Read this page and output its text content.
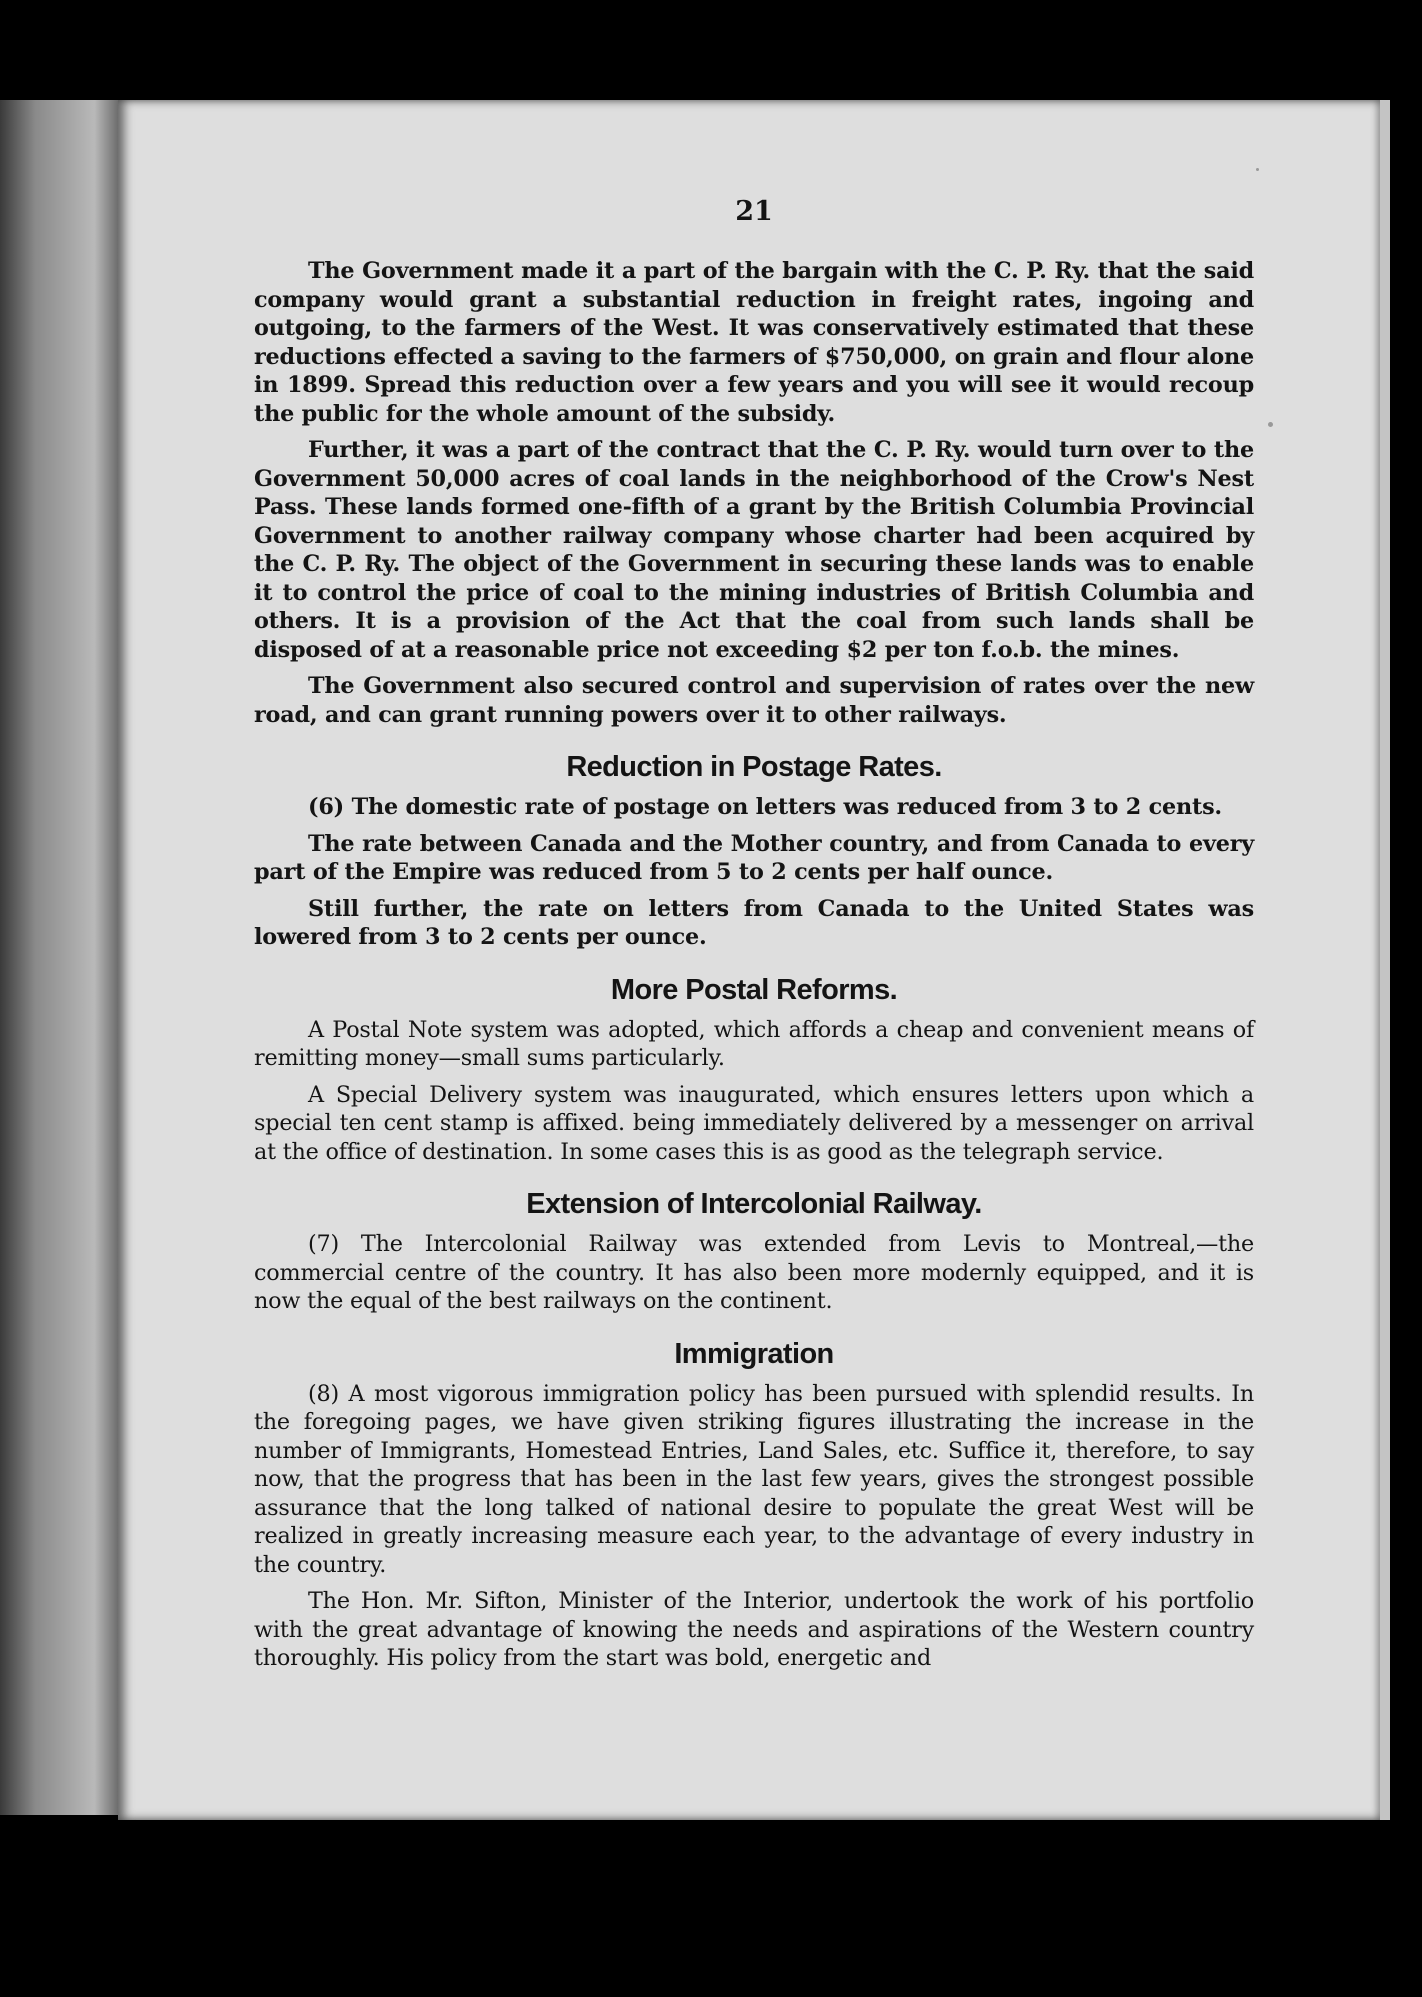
21

The Government made it a part of the bargain with the C. P. Ry. that the said company would grant a substantial reduction in freight rates, ingoing and outgoing, to the farmers of the West. It was conservatively estimated that these reductions effected a saving to the farmers of $750,000, on grain and flour alone in 1899. Spread this reduction over a few years and you will see it would recoup the public for the whole amount of the subsidy.

Further, it was a part of the contract that the C. P. Ry. would turn over to the Government 50,000 acres of coal lands in the neighborhood of the Crow's Nest Pass. These lands formed one-fifth of a grant by the British Columbia Provincial Government to another railway company whose charter had been acquired by the C. P. Ry. The object of the Government in securing these lands was to enable it to control the price of coal to the mining industries of British Columbia and others. It is a provision of the Act that the coal from such lands shall be disposed of at a reasonable price not exceeding $2 per ton f.o.b. the mines.

The Government also secured control and supervision of rates over the new road, and can grant running powers over it to other railways.

Reduction in Postage Rates.

(6) The domestic rate of postage on letters was reduced from 3 to 2 cents.

The rate between Canada and the Mother country, and from Canada to every part of the Empire was reduced from 5 to 2 cents per half ounce.

Still further, the rate on letters from Canada to the United States was lowered from 3 to 2 cents per ounce.

More Postal Reforms.

A Postal Note system was adopted, which affords a cheap and convenient means of remitting money—small sums particularly.

A Special Delivery system was inaugurated, which ensures letters upon which a special ten cent stamp is affixed. being immediately delivered by a messenger on arrival at the office of destination. In some cases this is as good as the telegraph service.

Extension of Intercolonial Railway.

(7) The Intercolonial Railway was extended from Levis to Montreal,—the commercial centre of the country. It has also been more modernly equipped, and it is now the equal of the best railways on the continent.

Immigration

(8) A most vigorous immigration policy has been pursued with splendid results. In the foregoing pages, we have given striking figures illustrating the increase in the number of Immigrants, Homestead Entries, Land Sales, etc. Suffice it, therefore, to say now, that the progress that has been in the last few years, gives the strongest possible assurance that the long talked of national desire to populate the great West will be realized in greatly increasing measure each year, to the advantage of every industry in the country.

The Hon. Mr. Sifton, Minister of the Interior, undertook the work of his portfolio with the great advantage of knowing the needs and aspirations of the Western country thoroughly. His policy from the start was bold, energetic and
